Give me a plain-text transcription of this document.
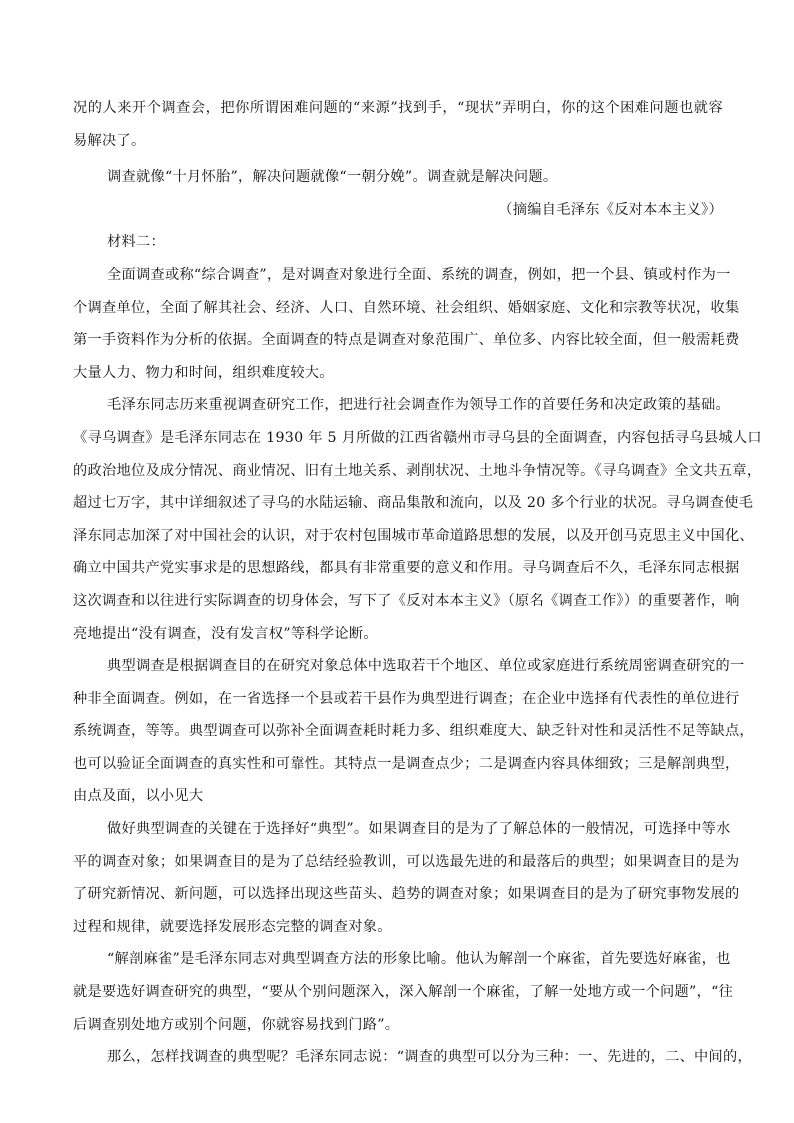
况的人来开个调查会，把你所谓困难问题的“来源”找到手，“现状”弄明白，你的这个困难问题也就容
易解决了。
调查就像“十月怀胎”，解决问题就像“一朝分娩”。调查就是解决问题。
（摘编自毛泽东《反对本本主义》）
材料二：
全面调查或称“综合调查”，是对调查对象进行全面、系统的调查，例如，把一个县、镇或村作为一
个调查单位，全面了解其社会、经济、人口、自然环境、社会组织、婚姻家庭、文化和宗教等状况，收集
第一手资料作为分析的依据。全面调查的特点是调查对象范围广、单位多、内容比较全面，但一般需耗费
大量人力、物力和时间，组织难度较大。
毛泽东同志历来重视调查研究工作，把进行社会调查作为领导工作的首要任务和决定政策的基础。
《寻乌调查》是毛泽东同志在 1930 年 5 月所做的江西省赣州市寻乌县的全面调查，内容包括寻乌县城人口
的政治地位及成分情况、商业情况、旧有土地关系、剥削状况、土地斗争情况等。《寻乌调查》全文共五章，
超过七万字，其中详细叙述了寻乌的水陆运输、商品集散和流向，以及 20 多个行业的状况。寻乌调查使毛
泽东同志加深了对中国社会的认识，对于农村包围城市革命道路思想的发展，以及开创马克思主义中国化、
确立中国共产党实事求是的思想路线，都具有非常重要的意义和作用。寻乌调查后不久，毛泽东同志根据
这次调查和以往进行实际调查的切身体会，写下了《反对本本主义》（原名《调查工作》）的重要著作，响
亮地提出“没有调查，没有发言权”等科学论断。
典型调查是根据调查目的在研究对象总体中选取若干个地区、单位或家庭进行系统周密调查研究的一
种非全面调查。例如，在一省选择一个县或若干县作为典型进行调查；在企业中选择有代表性的单位进行
系统调查，等等。典型调查可以弥补全面调查耗时耗力多、组织难度大、缺乏针对性和灵活性不足等缺点，
也可以验证全面调查的真实性和可靠性。其特点一是调查点少；二是调查内容具体细致；三是解剖典型，
由点及面，以小见大
做好典型调查的关键在于选择好“典型”。如果调查目的是为了了解总体的一般情况，可选择中等水
平的调查对象；如果调查目的是为了总结经验教训，可以选最先进的和最落后的典型；如果调查目的是为
了研究新情况、新问题，可以选择出现这些苗头、趋势的调查对象；如果调查目的是为了研究事物发展的
过程和规律，就要选择发展形态完整的调查对象。
“解剖麻雀”是毛泽东同志对典型调查方法的形象比喻。他认为解剖一个麻雀，首先要选好麻雀，也
就是要选好调查研究的典型，“要从个别问题深入，深入解剖一个麻雀，了解一处地方或一个问题”，“往
后调查别处地方或别个问题，你就容易找到门路”。
那么，怎样找调查的典型呢？毛泽东同志说：“调查的典型可以分为三种：一、先进的，二、中间的，
